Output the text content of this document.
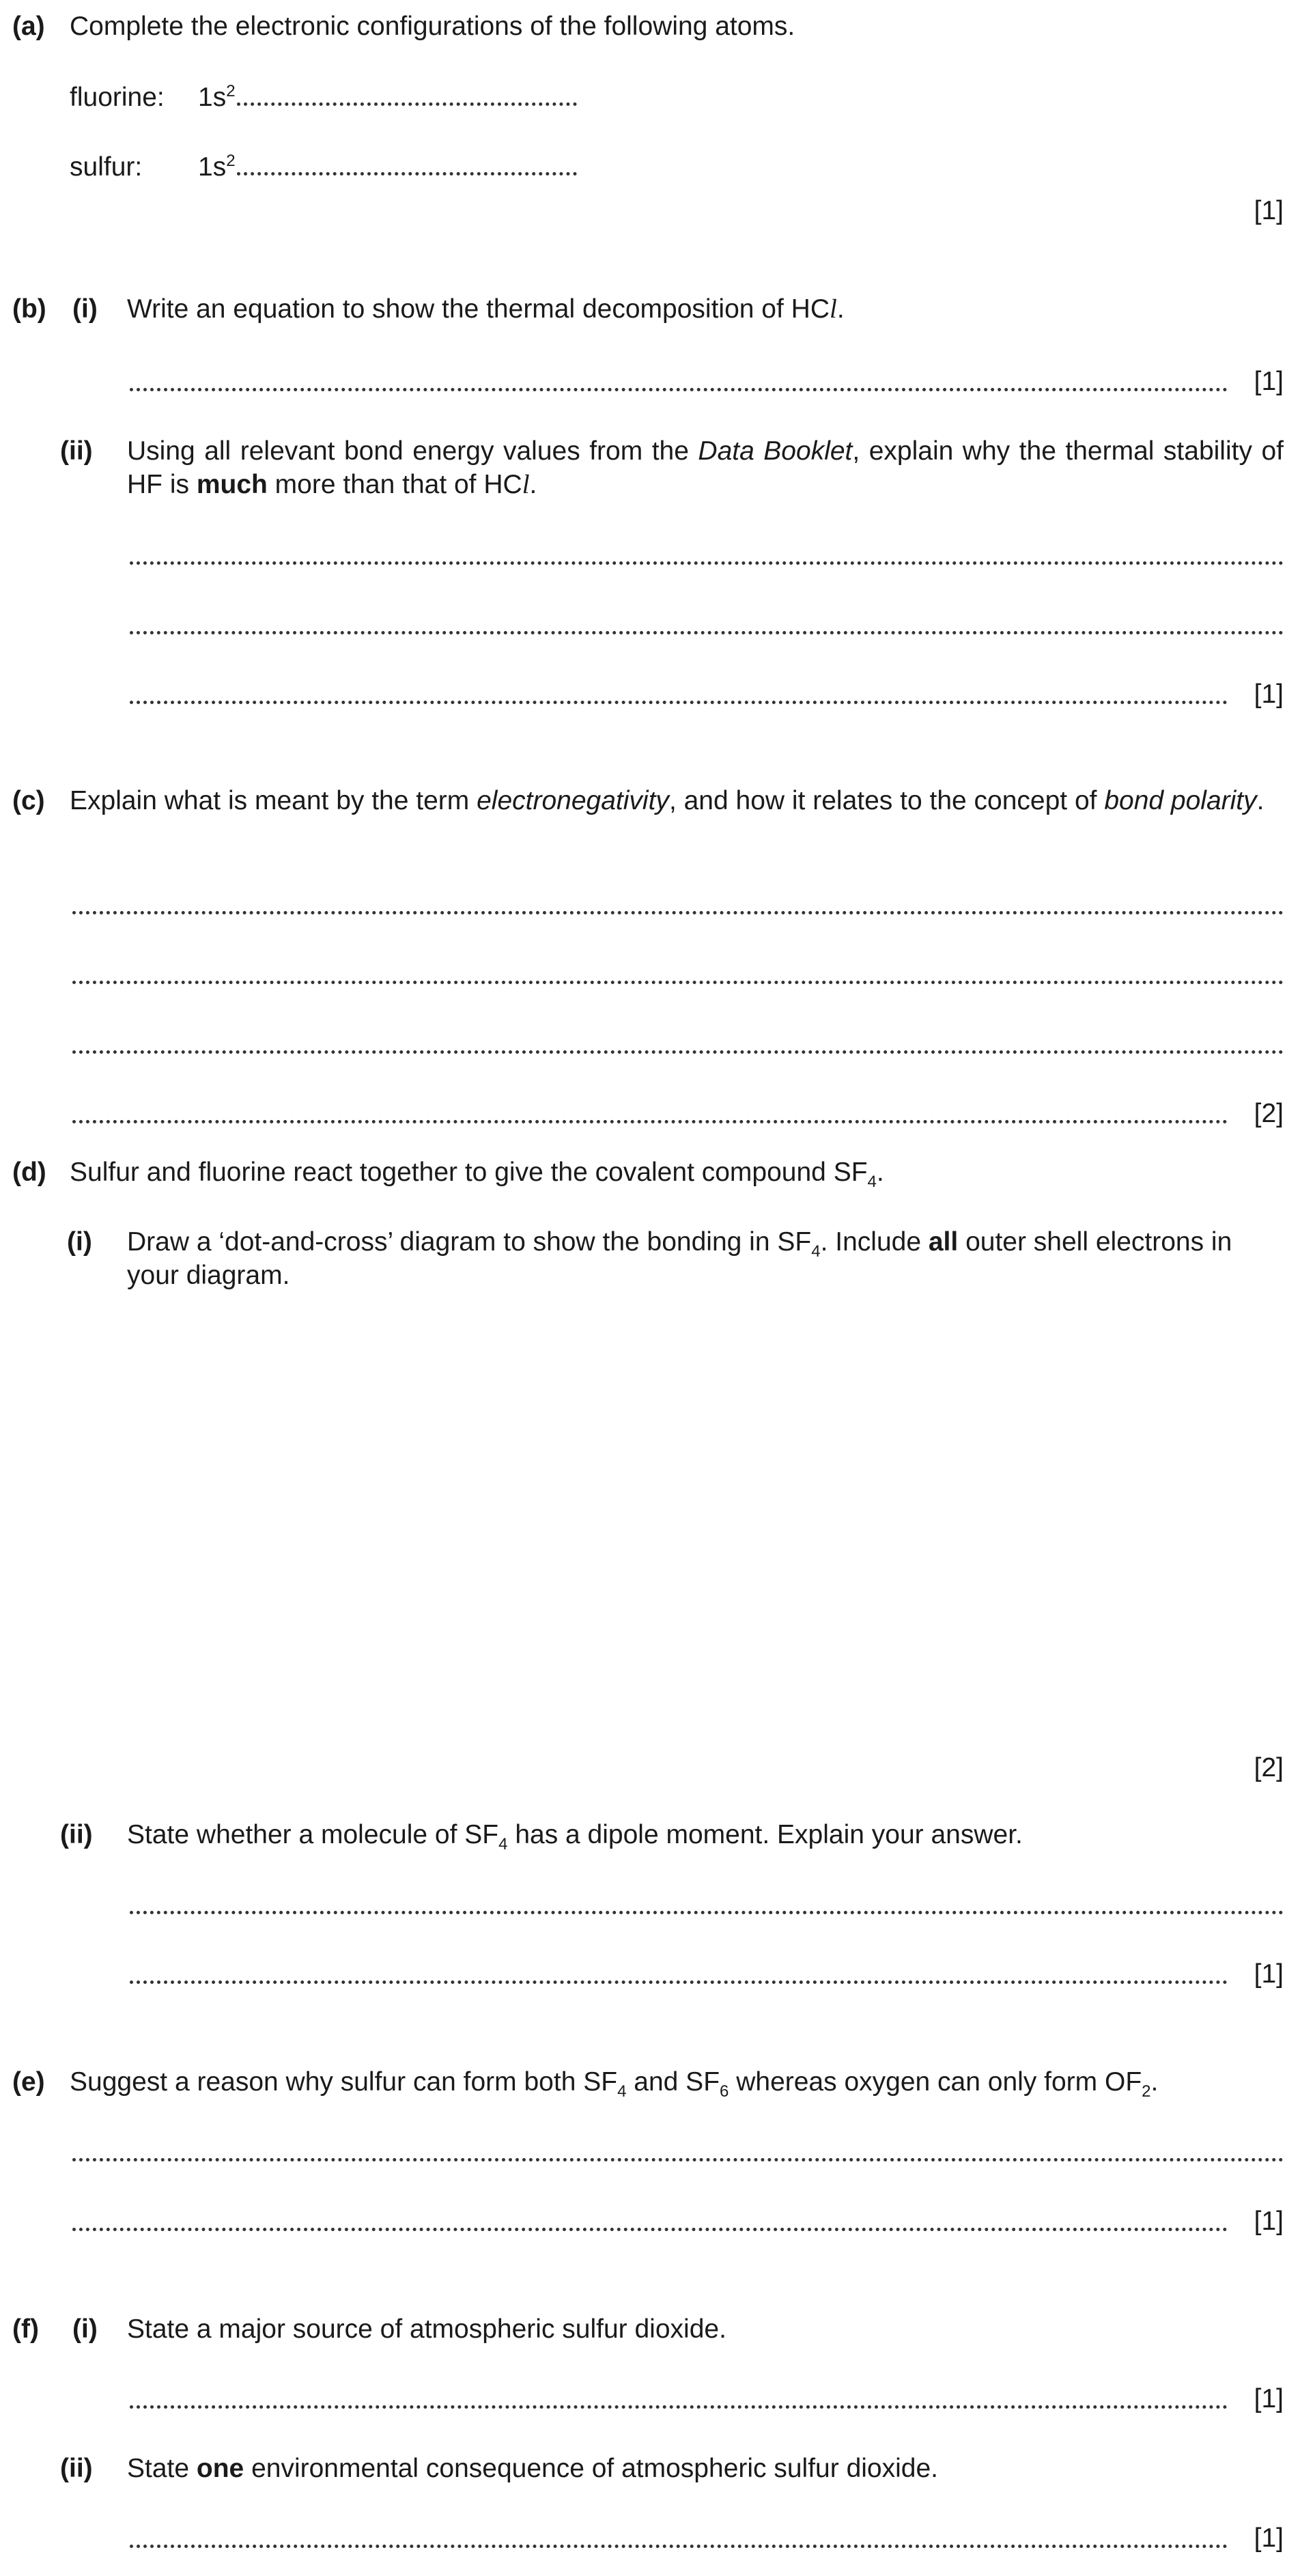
(a) Complete the electronic configurations of the following atoms.
fluorine: $1s^2$
sulfur: $1s^2$
[1]
(b) (i) Write an equation to show the thermal decomposition of HCl.
[1]
(ii) Using all relevant bond energy values from the Data Booklet, explain why the thermal stability of HF is much more than that of HCl.
[1]
(c) Explain what is meant by the term electronegativity, and how it relates to the concept of bond polarity.
[2]
(d) Sulfur and fluorine react together to give the covalent compound $SF_4$.
(i) Draw a ‘dot-and-cross’ diagram to show the bonding in $SF_4$. Include all outer shell electrons in your diagram.
[2]
(ii) State whether a molecule of $SF_4$ has a dipole moment. Explain your answer.
[1]
(e) Suggest a reason why sulfur can form both $SF_4$ and $SF_6$ whereas oxygen can only form $OF_2$.
[1]
(f) (i) State a major source of atmospheric sulfur dioxide.
[1]
(ii) State one environmental consequence of atmospheric sulfur dioxide.
[1]
